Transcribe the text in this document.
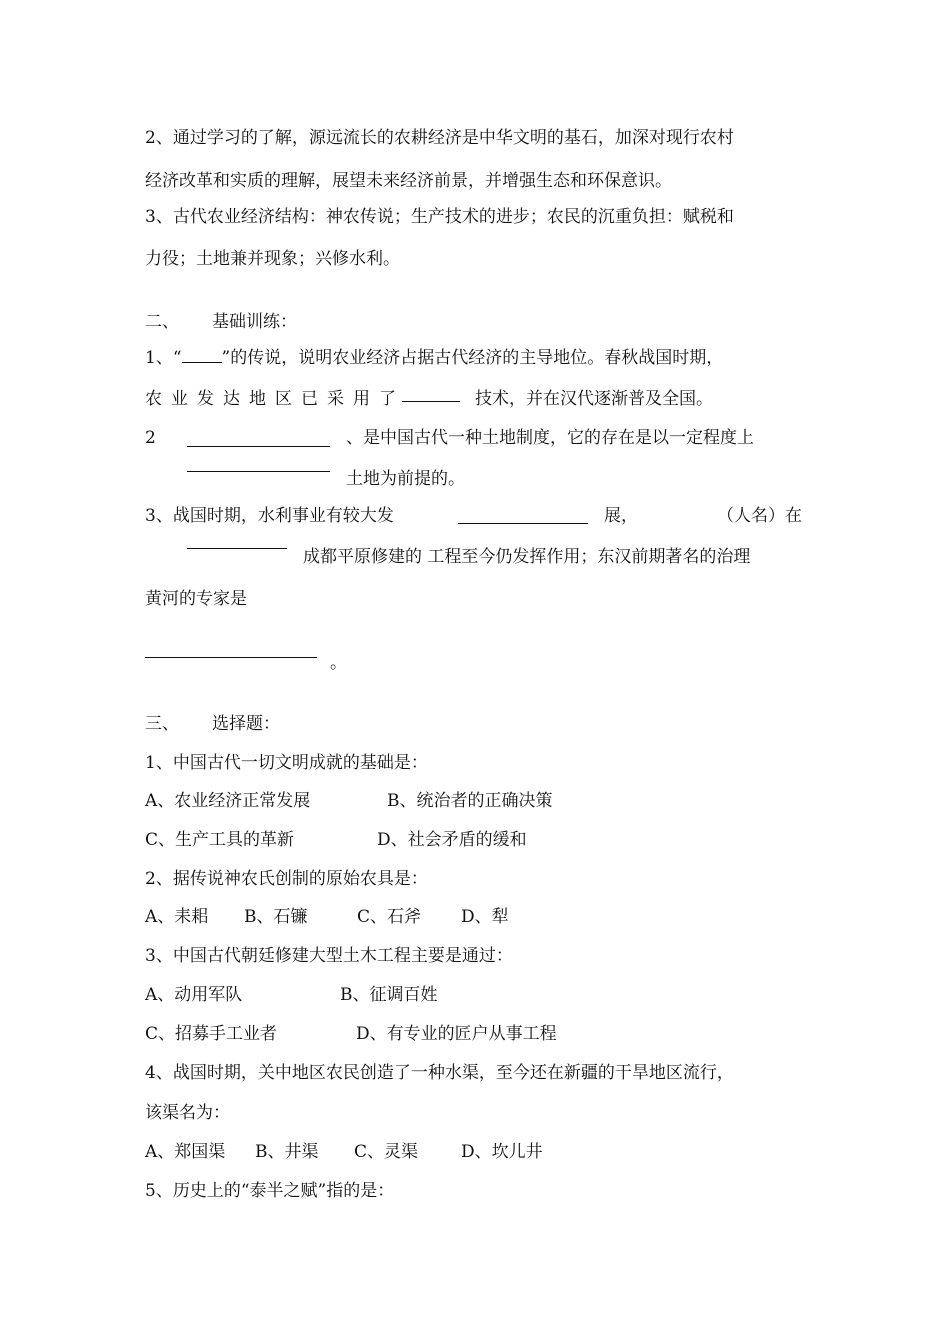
2、通过学习的了解，源远流长的农耕经济是中华文明的基石，加深对现行农村
经济改革和实质的理解，展望未来经济前景，并增强生态和环保意识。
3、古代农业经济结构：神农传说；生产技术的进步；农民的沉重负担：赋税和
力役；土地兼并现象；兴修水利。
二、 基础训练：
1、“ ”的传说，说明农业经济占据古代经济的主导地位。春秋战国时期，
农业发达地区已采用了	技术，并在汉代逐渐普及全国。
2	、是中国古代一种土地制度，它的存在是以一定程度上
土地为前提的。
3、战国时期，水利事业有较大发	展，	（人名）在
成都平原修建的 工程至今仍发挥作用；东汉前期著名的治理
黄河的专家是
。
三、 选择题：
1、中国古代一切文明成就的基础是：
A、农业经济正常发展	B、统治者的正确决策
C、生产工具的革新	D、社会矛盾的缓和
2、据传说神农氏创制的原始农具是：
A、耒耜 B、石镰	C、石斧 D、犁
3、中国古代朝廷修建大型土木工程主要是通过：
A、动用军队	B、征调百姓
C、招募手工业者	D、有专业的匠户从事工程
4、战国时期，关中地区农民创造了一种水渠，至今还在新疆的干旱地区流行，
该渠名为：
A、郑国渠 B、井渠 C、灵渠	D、坎儿井
5、历史上的“泰半之赋”指的是：
